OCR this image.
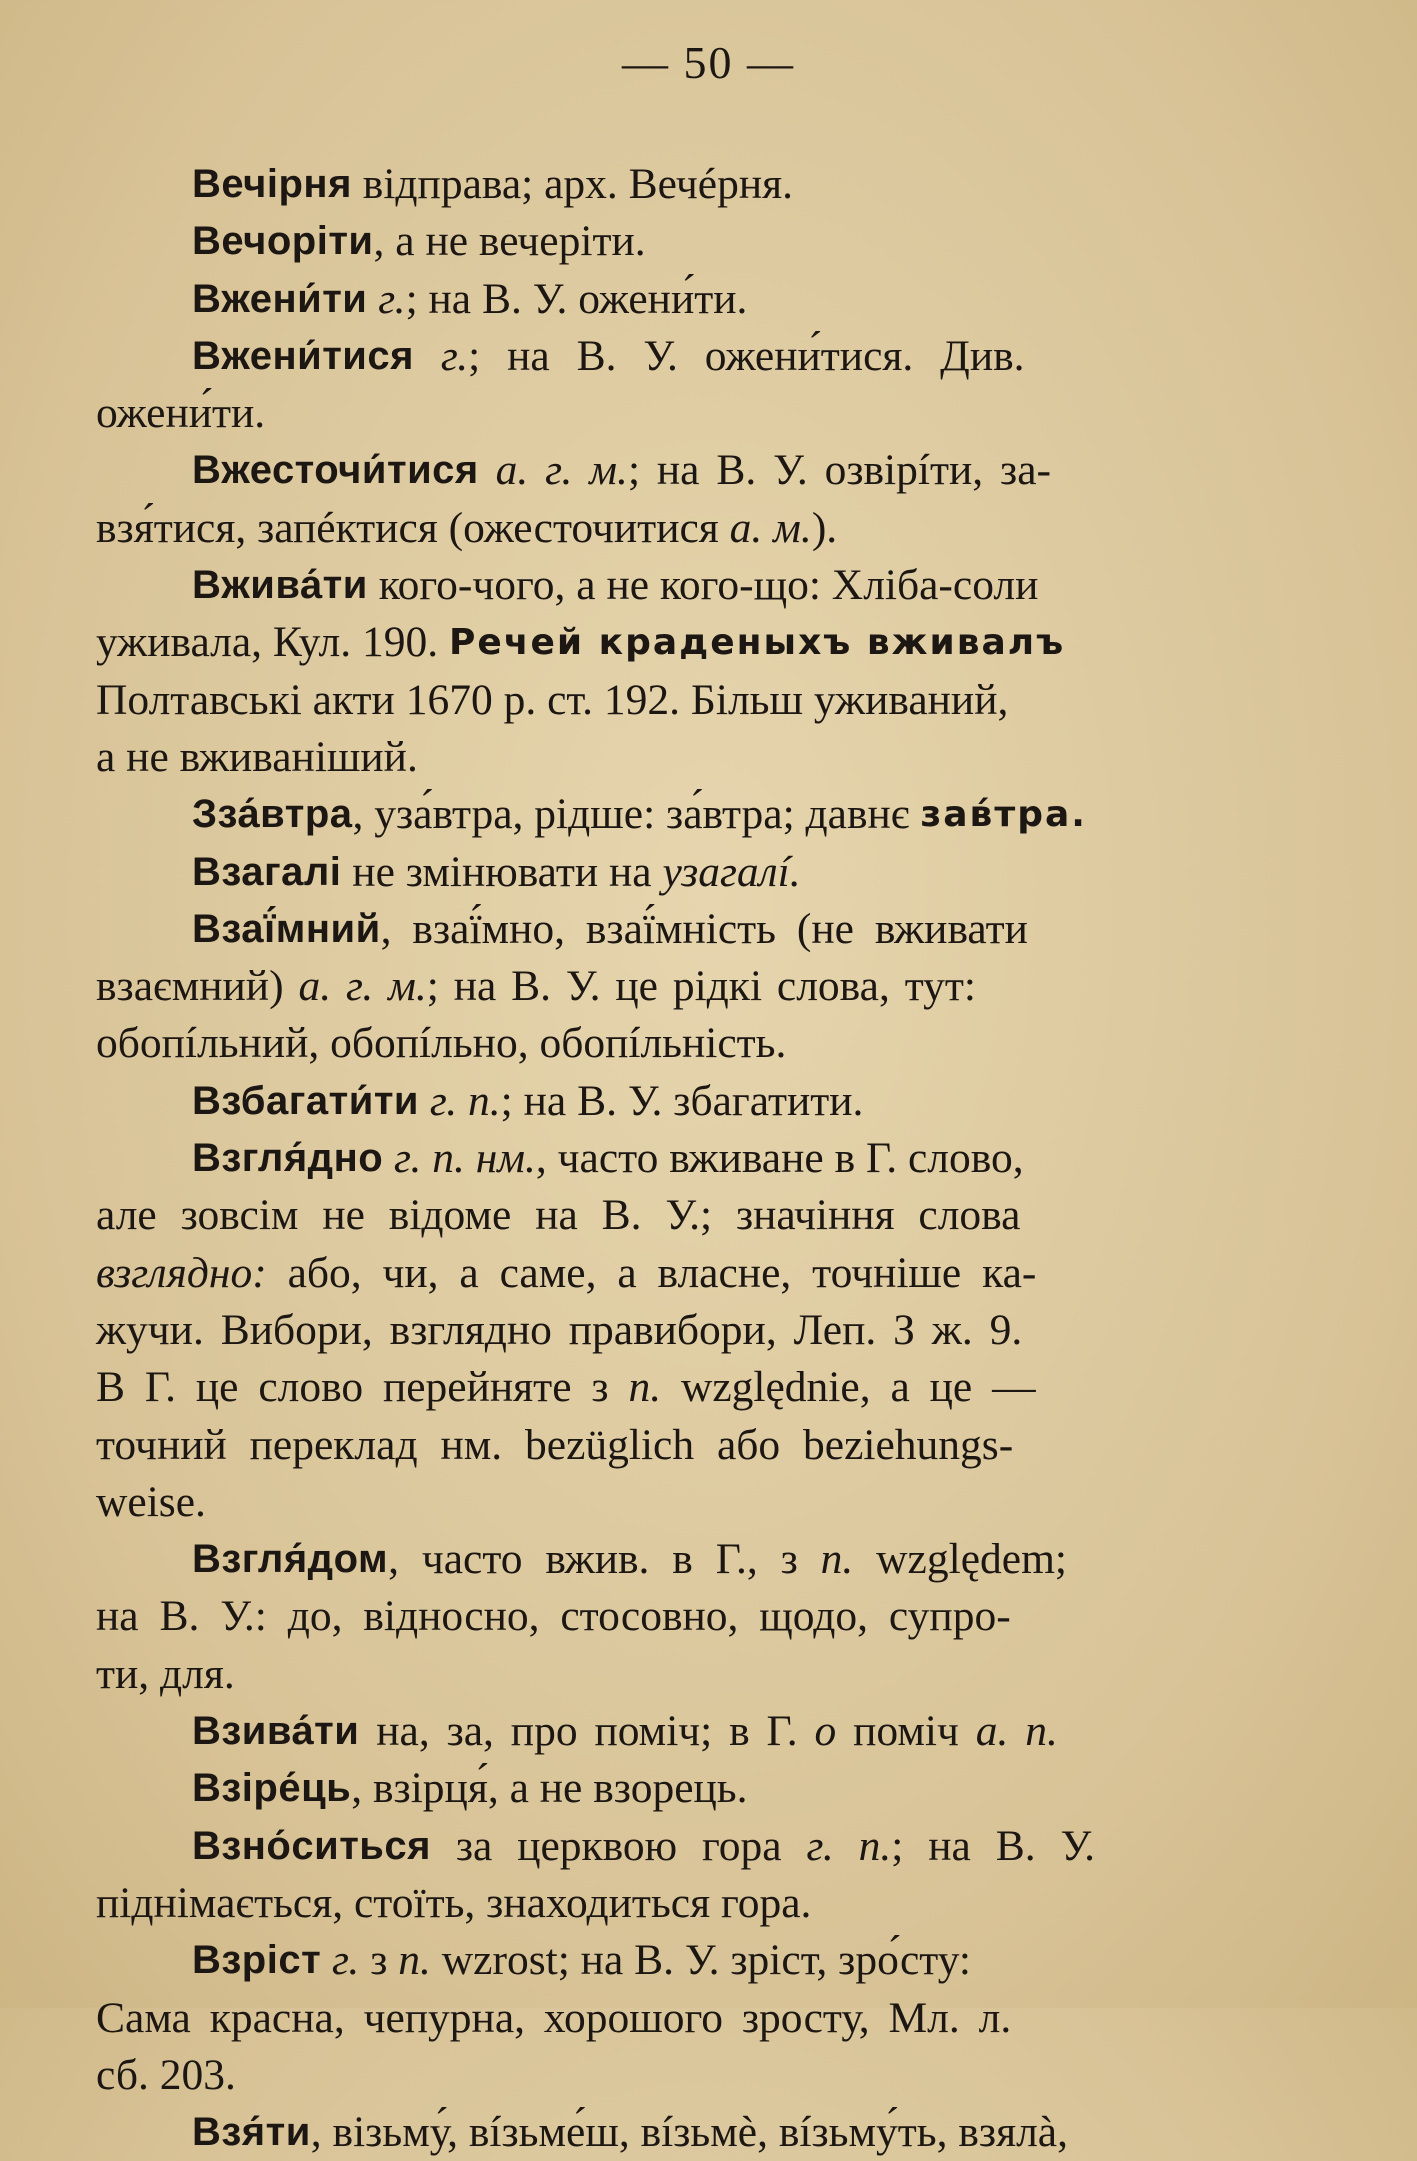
— 50 —
Вечірня відправа; арх. Вечéрня.
Вечоріти , а не вечеріти.
Вжени́ти
г. ; на В. У. ожени́ти.
Вжени́тися
г. ; на В. У. ожени́тися. Див.
ожени́ти.
Вжесточи́тися
а. г. м. ; на В. У. озвірíти, за-
взя́тися, запéктися (ожесточитися а. м. ).
Вжива́ти кого-чого, а не кого-що: Хліба-соли
уживала, Кул. 190. Речей краденыхъ вживалъ
Полтавські акти 1670 р. ст. 192. Більш уживаний,
а не вживаніший.
Зза́втра , уза́втра, рідше: за́втра; давнє зав́тра.
Взагалі не змінювати на узагалí.
Взаї́мний , взаї́мно, взаї́мність (не вживати
взаємний) а. г. м. ; на В. У. це рідкі слова, тут:
обопíльний, обопíльно, обопíльність.
Взбагати́ти
г. п. ; на В. У. збагатити.
Взгля́дно
г. п. нм. , часто вживане в Г. слово,
але зовсім не відоме на В. У.; значіння слова
взглядно: або, чи, а саме, а власне, точніше ка-
жучи. Вибори, взглядно правибори, Леп. З ж. 9.
В Г. це слово перейняте з п. względnie, а це —
точний переклад нм. bezüglich або beziehungs-
weise.
Взгля́дом , часто вжив. в Г., з п. względem;
на В. У.: до, відносно, стосовно, щодо, супро-
ти, для.
Взива́ти на, за, про поміч; в Г. о поміч а. п.
Взіре́ць , взірця́, а не взорець.
Взно́ситься за церквою гора г. п. ; на В. У.
піднімається, стоїть, знаходиться гора.
Взріст
г. з п. wzrost; на В. У. зріст, зро́сту:
Сама красна, чепурна, хорошого зросту, Мл. л.
сб. 203.
Взя́ти , візьму́, вíзьме́ш, вíзьмѐ, вíзьму́ть, взялà,
